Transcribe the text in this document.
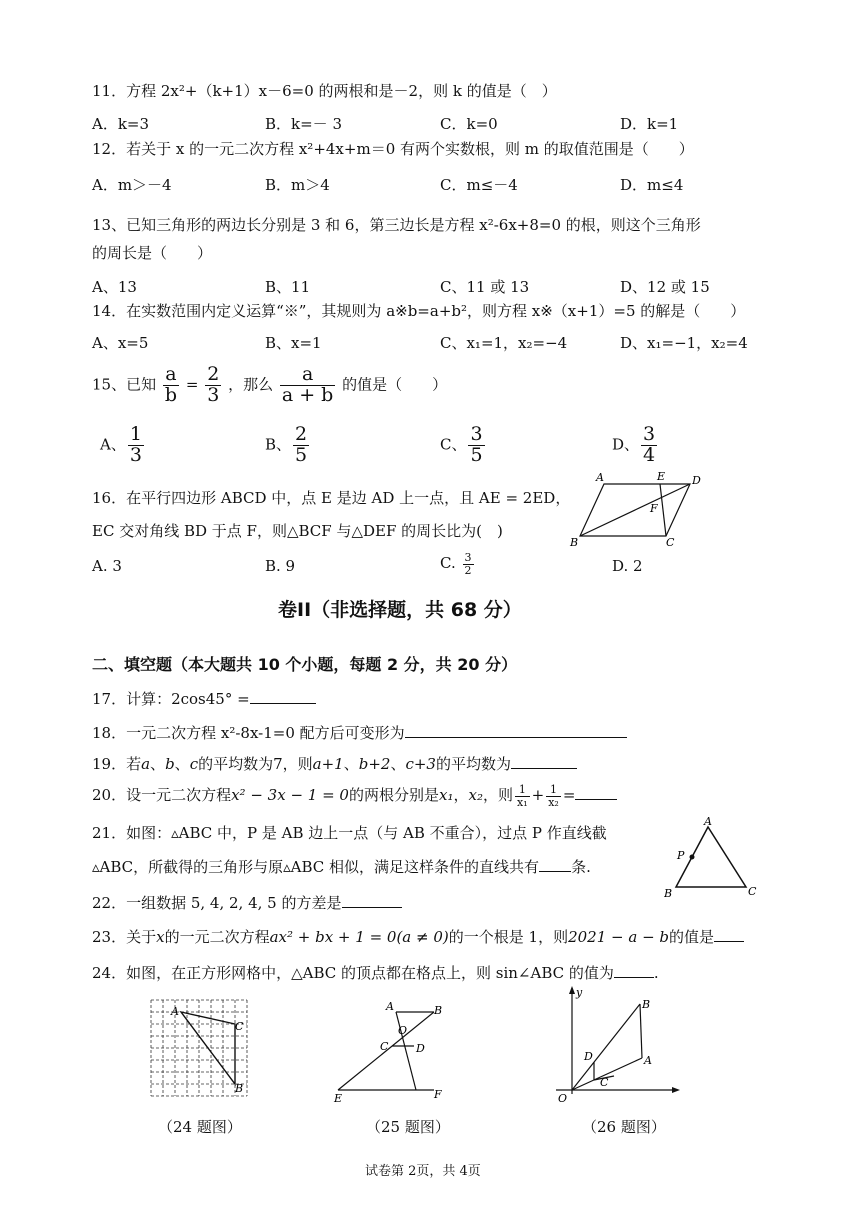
11．方程 2x²+（k+1）x－6=0 的两根和是－2，则 k 的值是（　）
A．k=3	B．k=－ 3	C．k=0	D．k=1
12．若关于 x 的一元二次方程 x²+4x+m＝0 有两个实数根，则 m 的取值范围是（　　）
A．m＞－4	B．m＞4	C．m≤－4	D．m≤4
13、已知三角形的两边长分别是 3 和 6，第三边长是方程 x²-6x+8=0 的根，则这个三角形
的周长是（　　）
A、13	B、11	C、11 或 13	D、12 或 15
14．在实数范围内定义运算“※”，其规则为 a※b=a+b²，则方程 x※（x+1）=5 的解是（　　）
A、x=5	B、x=1	C、x₁=1，x₂=−4	D、x₁=−1，x₂=4
15、已知 $\frac{a}{b} = \frac{2}{3}$ ，那么 $\frac{a}{a + b}$ 的值是（　　）
A、 $\frac{1}{3}$	B、 $\frac{2}{5}$	C、 $\frac{3}{5}$	D、 $\frac{3}{4}$
16．在平行四边形 ABCD 中，点 E 是边 AD 上一点，且 AE = 2ED，
EC 交对角线 BD 于点 F，则△BCF 与△DEF 的周长比为(　)
A	E D
F
B	C
A. 3	B. 9	C. $\frac{3}{2}$	D. 2
卷II（非选择题，共 68 分）
二、填空题（本大题共 10 个小题，每题 2 分，共 20 分）
17．计算：2cos45° =
18．一元二次方程 x²-8x-1=0 配方后可变形为
19．若a、b、c的平均数为7，则a+1、b+2、c+3的平均数为
20．设一元二次方程x² − 3x − 1 = 0的两根分别是x₁，x₂，则 $\frac{1}{\text{x₁}} + \frac{1}{\text{x₂}}$ =
21．如图：▵ABC 中，P 是 AB 边上一点（与 AB 不重合），过点 P 作直线截
▵ABC，所截得的三角形与原▵ABC 相似，满足这样条件的直线共有 条.
A
P
B	C
22．一组数据 5, 4, 2, 4, 5 的方差是
23．关于x的一元二次方程ax² + bx + 1 = 0(a ≠ 0)的一个根是 1，则2021 − a − b的值是
24．如图，在正方形网格中，△ABC 的顶点都在格点上，则 sin∠ABC 的值为	.
A
C
B
（24 题图）
A	B
O
C	D
E	F
（25 题图）
y
B
D	A
C
O
（26 题图）
试卷第 2页，共 4页
